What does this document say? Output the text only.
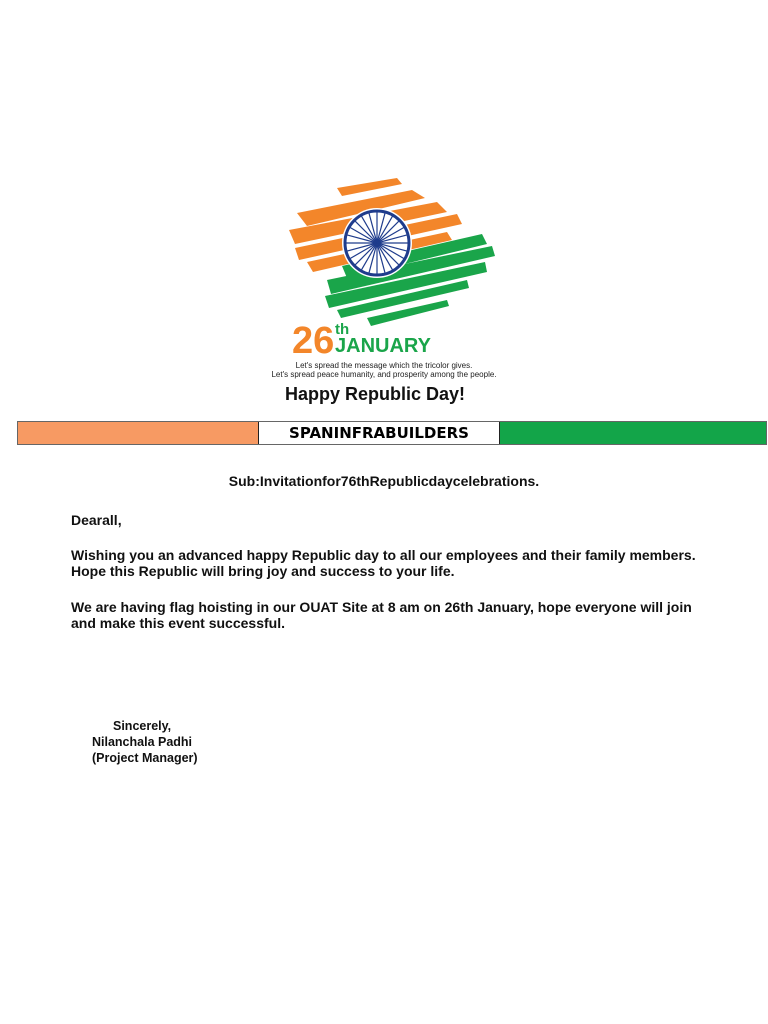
26 th
JANUARY
Let's spread the message which the tricolor gives.
Let's spread peace humanity, and prosperity among the people.
Happy Republic Day!
SPANINFRABUILDERS
Sub:Invitationfor76thRepublicdaycelebrations.
Dearall,
Wishing you an advanced happy Republic day to all our employees and their family members.
Hope this Republic will bring joy and success to your life.
We are having flag hoisting in our OUAT Site at 8 am on 26th January, hope everyone will join
and make this event successful.
Sincerely,
Nilanchala Padhi
(Project Manager)
